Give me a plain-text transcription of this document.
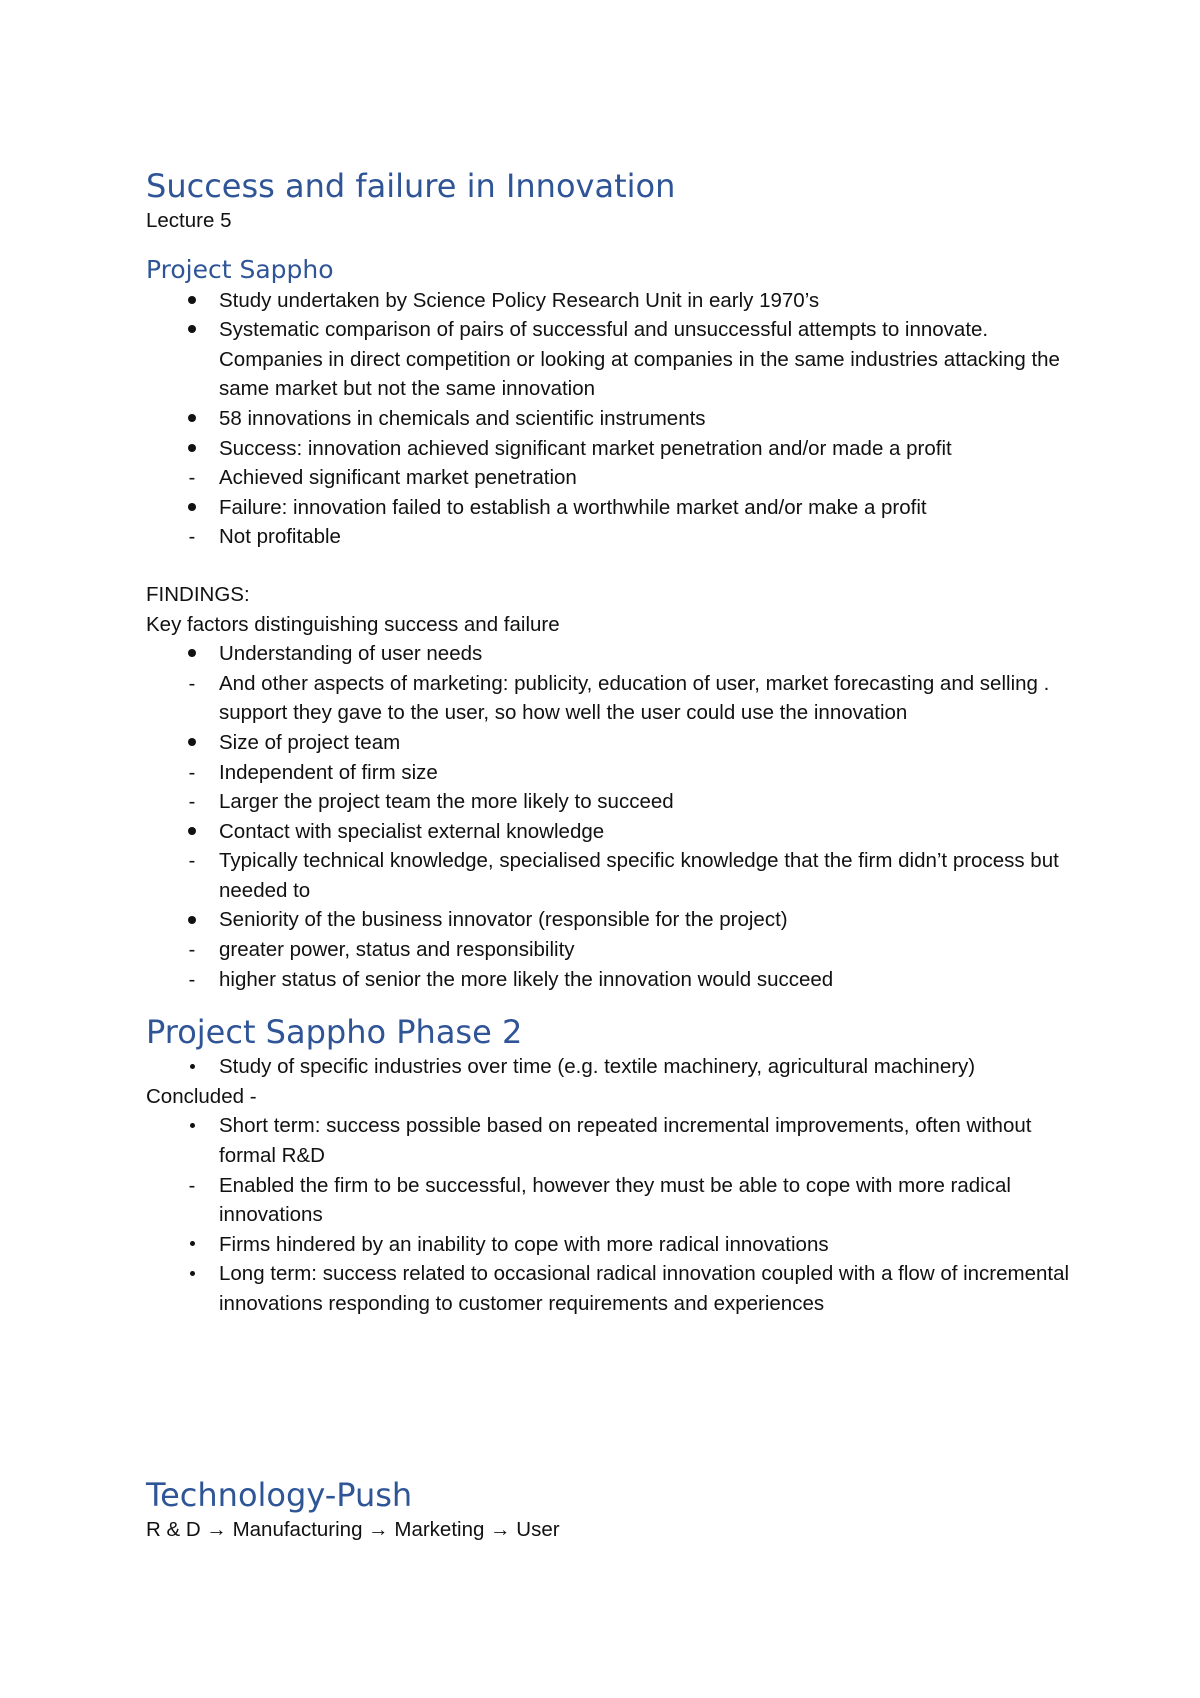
Success and failure in Innovation

Lecture 5

Project Sappho
Study undertaken by Science Policy Research Unit in early 1970’s
Systematic comparison of pairs of successful and unsuccessful attempts to innovate. Companies in direct competition or looking at companies in the same industries attacking the same market but not the same innovation
58 innovations in chemicals and scientific instruments
Success: innovation achieved significant market penetration and/or made a profit
-
Achieved significant market penetration
Failure: innovation failed to establish a worthwhile market and/or make a profit
-
Not profitable

FINDINGS:

Key factors distinguishing success and failure

Understanding of user needs
-
And other aspects of marketing: publicity, education of user, market forecasting and selling . support they gave to the user, so how well the user could use the innovation
Size of project team
-
Independent of firm size
-
Larger the project team the more likely to succeed
Contact with specialist external knowledge
-
Typically technical knowledge, specialised specific knowledge that the firm didn’t process but needed to
Seniority of the business innovator (responsible for the project)
-
greater power, status and responsibility
-
higher status of senior the more likely the innovation would succeed
Project Sappho Phase 2
Study of specific industries over time (e.g. textile machinery, agricultural machinery)

Concluded -

Short term: success possible based on repeated incremental improvements, often without formal R&D
-
Enabled the firm to be successful, however they must be able to cope with more radical innovations
Firms hindered by an inability to cope with more radical innovations
Long term: success related to occasional radical innovation coupled with a flow of incremental innovations responding to customer requirements and experiences
Technology-Push

R & D → Manufacturing → Marketing → User
